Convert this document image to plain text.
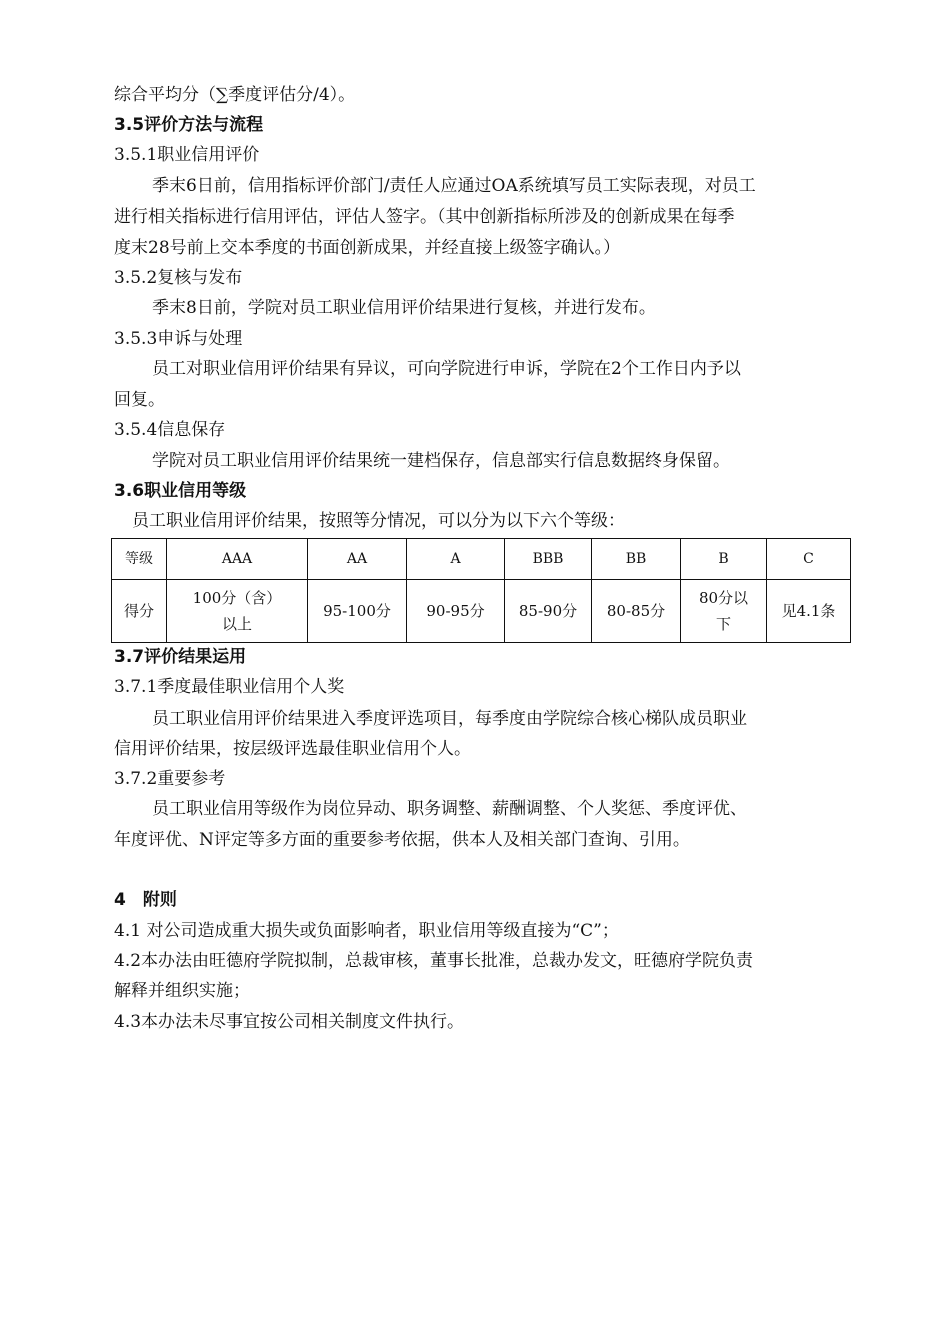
综合平均分（∑季度评估分/4）。
3.5评价方法与流程
3.5.1职业信用评价
季末6日前，信用指标评价部门/责任人应通过OA系统填写员工实际表现，对员工
进行相关指标进行信用评估，评估人签字。（其中创新指标所涉及的创新成果在每季
度末28号前上交本季度的书面创新成果，并经直接上级签字确认。）
3.5.2复核与发布
季末8日前，学院对员工职业信用评价结果进行复核，并进行发布。
3.5.3申诉与处理
员工对职业信用评价结果有异议，可向学院进行申诉，学院在2个工作日内予以
回复。
3.5.4信息保存
学院对员工职业信用评价结果统一建档保存，信息部实行信息数据终身保留。
3.6职业信用等级
员工职业信用评价结果，按照等分情况，可以分为以下六个等级：
等级	AAA	AA	A	BBB	BB	B	C
得分	100分（含）以上	95-100分	90-95分	85-90分	80-85分	80分以下	见4.1条
3.7评价结果运用
3.7.1季度最佳职业信用个人奖
员工职业信用评价结果进入季度评选项目，每季度由学院综合核心梯队成员职业
信用评价结果，按层级评选最佳职业信用个人。
3.7.2重要参考
员工职业信用等级作为岗位异动、职务调整、薪酬调整、个人奖惩、季度评优、
年度评优、N评定等多方面的重要参考依据，供本人及相关部门查询、引用。
4　附则
4.1 对公司造成重大损失或负面影响者，职业信用等级直接为“C”；
4.2本办法由旺德府学院拟制，总裁审核，董事长批准，总裁办发文，旺德府学院负责
解释并组织实施；
4.3本办法未尽事宜按公司相关制度文件执行。
